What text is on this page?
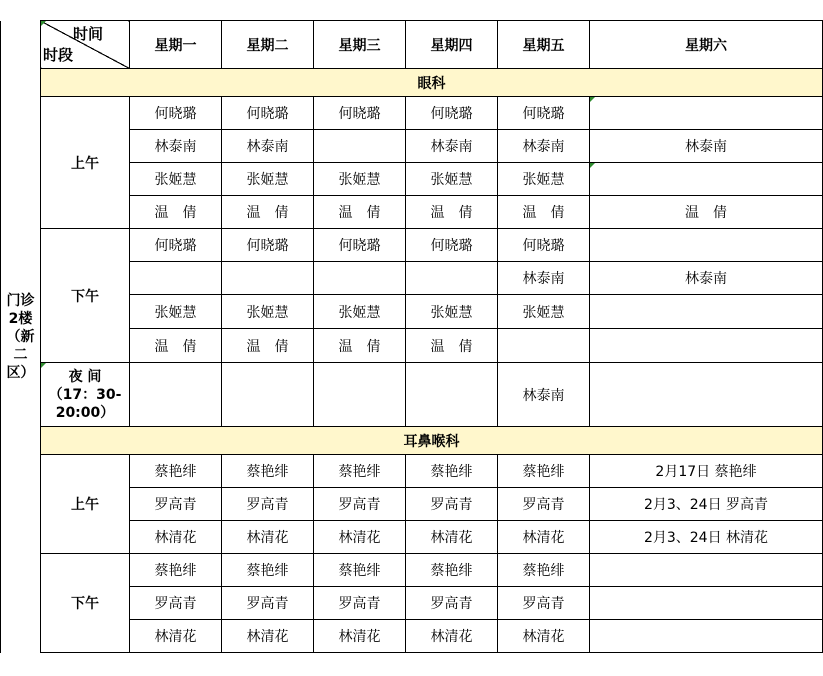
门诊
2楼
（新
二
区）	时间
时段	星期一	星期二	星期三	星期四	星期五	星期六
	眼科						
	上午	何晓璐	何晓璐	何晓璐	何晓璐	何晓璐	
		林泰南	林泰南		林泰南	林泰南	林泰南
		张姬慧	张姬慧	张姬慧	张姬慧	张姬慧	
		温　倩	温　倩	温　倩	温　倩	温　倩	温　倩
	下午	何晓璐	何晓璐	何晓璐	何晓璐	何晓璐	
						林泰南	林泰南
		张姬慧	张姬慧	张姬慧	张姬慧	张姬慧	
		温　倩	温　倩	温　倩	温　倩		

	夜 间
（17：30-
20:00）					林泰南	
	耳鼻喉科						
	上午	蔡艳绯	蔡艳绯	蔡艳绯	蔡艳绯	蔡艳绯	2月17日 蔡艳绯
		罗高青	罗高青	罗高青	罗高青	罗高青	2月3、24日 罗高青
		林清花	林清花	林清花	林清花	林清花	2月3、24日 林清花
	下午	蔡艳绯	蔡艳绯	蔡艳绯	蔡艳绯	蔡艳绯	
		罗高青	罗高青	罗高青	罗高青	罗高青	
		林清花	林清花	林清花	林清花	林清花	
